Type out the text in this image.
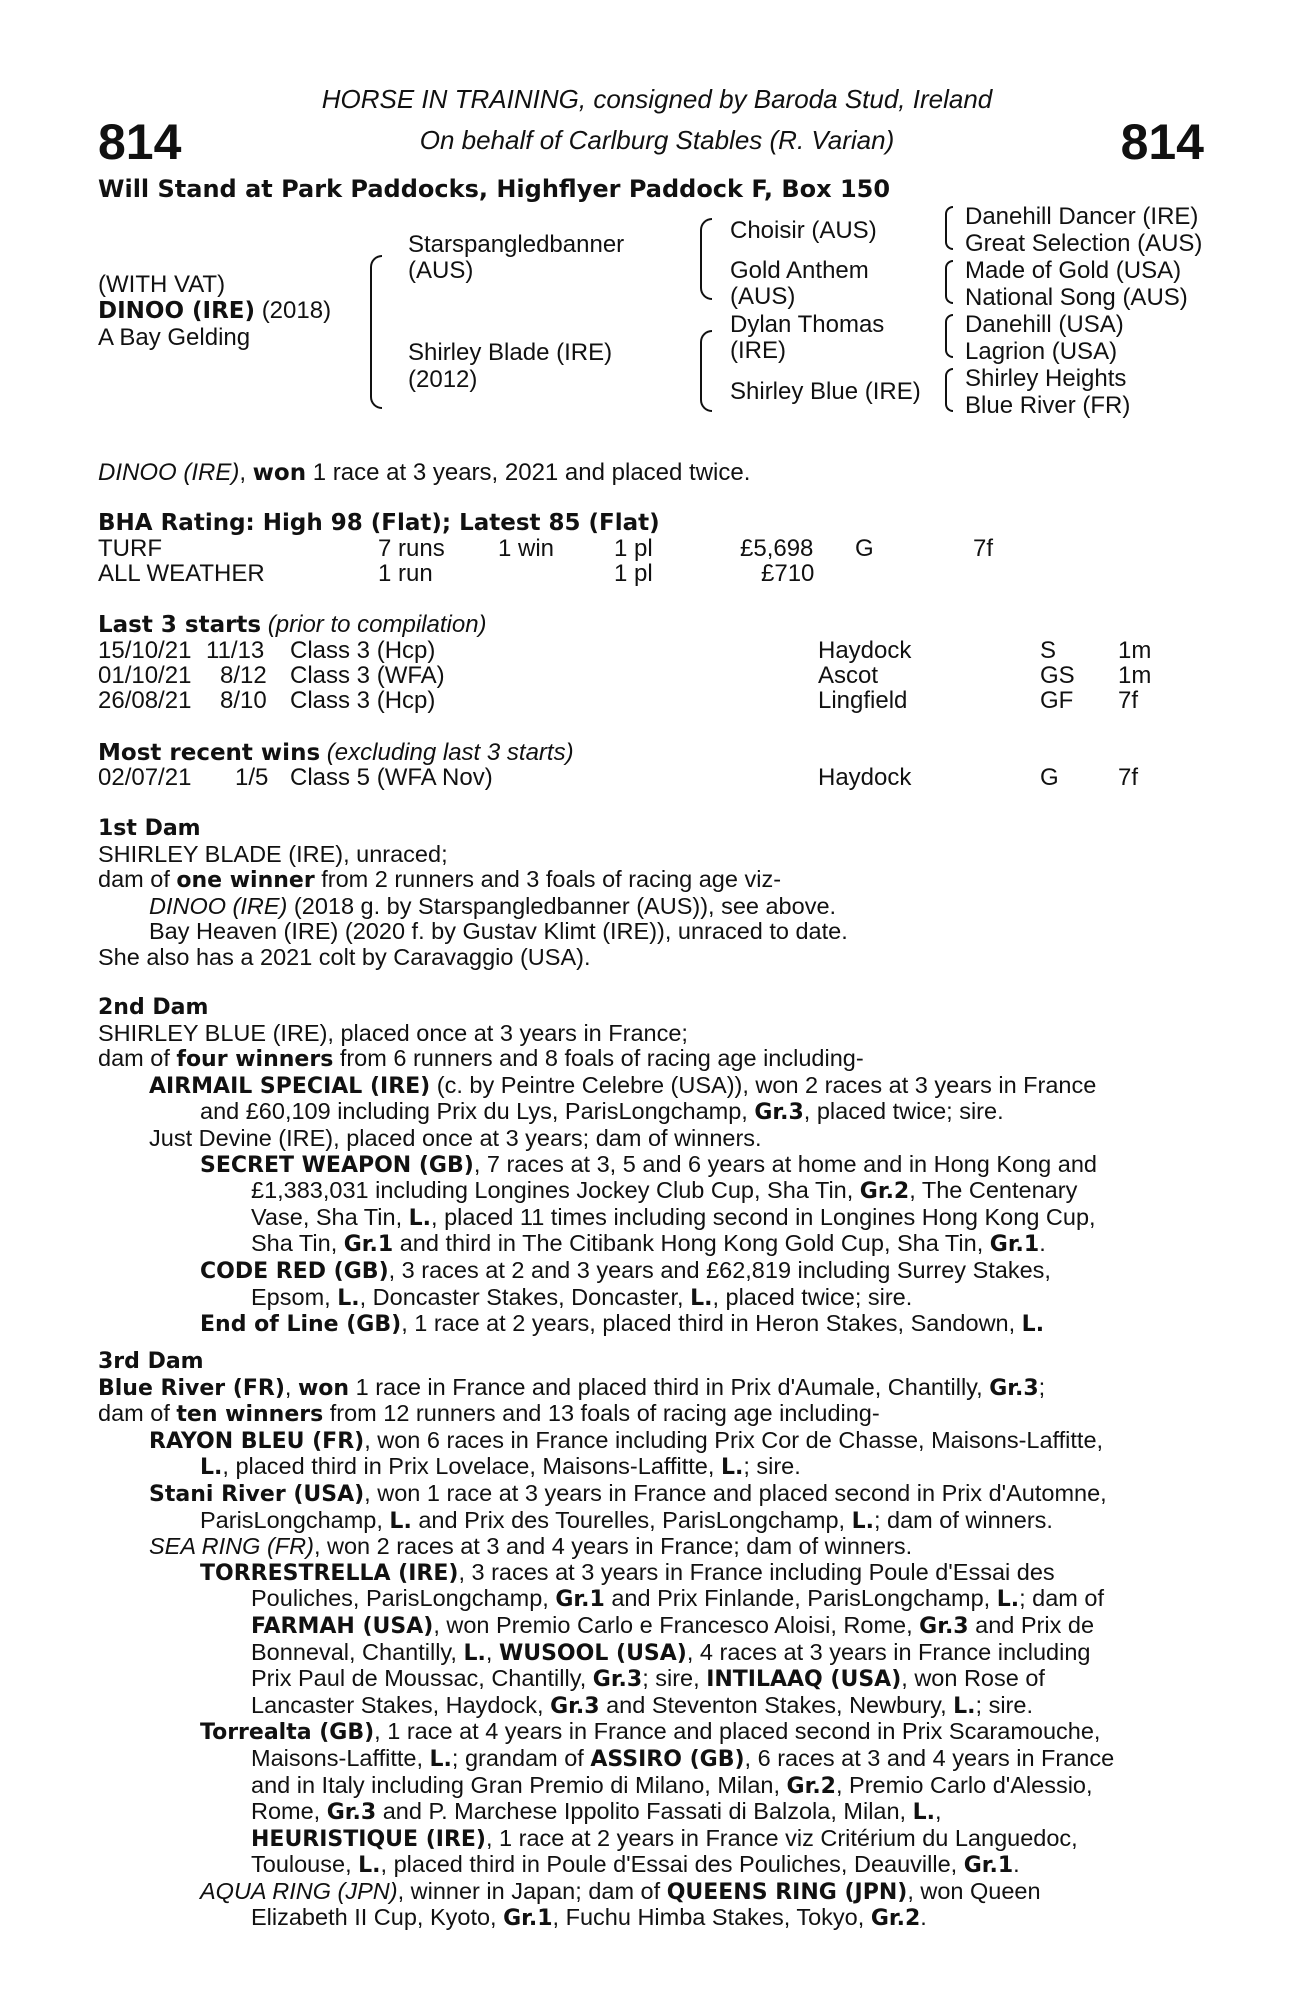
814	814
HORSE IN TRAINING, consigned by Baroda Stud, Ireland
On behalf of Carlburg Stables (R. Varian)
Will Stand at Park Paddocks, Highflyer Paddock F, Box 150
(WITH VAT)
DINOO (IRE) (2018)
A Bay Gelding
Starspangledbanner
(AUS)
Shirley Blade (IRE)
(2012)
Choisir (AUS)
Gold Anthem
(AUS)
Dylan Thomas
(IRE)
Shirley Blue (IRE)
Danehill Dancer (IRE)
Great Selection (AUS)
Made of Gold (USA)
National Song (AUS)
Danehill (USA)
Lagrion (USA)
Shirley Heights
Blue River (FR)
DINOO (IRE), won 1 race at 3 years, 2021 and placed twice.
BHA Rating: High 98 (Flat); Latest 85 (Flat)
TURF	7 runs 1 win 1 pl	£5,698 G	7f
ALL WEATHER	1 run	1 pl	£710
Last 3 starts (prior to compilation)
15/10/21 11/13 Class 3 (Hcp)	Haydock	S	1m
01/10/21 8/12 Class 3 (WFA)	Ascot	GS 1m
26/08/21 8/10 Class 3 (Hcp)	Lingfield	GF 7f
Most recent wins (excluding last 3 starts)
02/07/21 1/5 Class 5 (WFA Nov)	Haydock	G 7f
1st Dam
SHIRLEY BLADE (IRE), unraced;
dam of one winner from 2 runners and 3 foals of racing age viz-
DINOO (IRE) (2018 g. by Starspangledbanner (AUS)), see above.
Bay Heaven (IRE) (2020 f. by Gustav Klimt (IRE)), unraced to date.
She also has a 2021 colt by Caravaggio (USA).
2nd Dam
SHIRLEY BLUE (IRE), placed once at 3 years in France;
dam of four winners from 6 runners and 8 foals of racing age including-
AIRMAIL SPECIAL (IRE) (c. by Peintre Celebre (USA)), won 2 races at 3 years in France
and £60,109 including Prix du Lys, ParisLongchamp, Gr.3, placed twice; sire.
Just Devine (IRE), placed once at 3 years; dam of winners.
SECRET WEAPON (GB), 7 races at 3, 5 and 6 years at home and in Hong Kong and
£1,383,031 including Longines Jockey Club Cup, Sha Tin, Gr.2, The Centenary
Vase, Sha Tin, L., placed 11 times including second in Longines Hong Kong Cup,
Sha Tin, Gr.1 and third in The Citibank Hong Kong Gold Cup, Sha Tin, Gr.1.
CODE RED (GB), 3 races at 2 and 3 years and £62,819 including Surrey Stakes,
Epsom, L., Doncaster Stakes, Doncaster, L., placed twice; sire.
End of Line (GB), 1 race at 2 years, placed third in Heron Stakes, Sandown, L.
3rd Dam
Blue River (FR), won 1 race in France and placed third in Prix d'Aumale, Chantilly, Gr.3;
dam of ten winners from 12 runners and 13 foals of racing age including-
RAYON BLEU (FR), won 6 races in France including Prix Cor de Chasse, Maisons-Laffitte,
L., placed third in Prix Lovelace, Maisons-Laffitte, L.; sire.
Stani River (USA), won 1 race at 3 years in France and placed second in Prix d'Automne,
ParisLongchamp, L. and Prix des Tourelles, ParisLongchamp, L.; dam of winners.
SEA RING (FR), won 2 races at 3 and 4 years in France; dam of winners.
TORRESTRELLA (IRE), 3 races at 3 years in France including Poule d'Essai des
Pouliches, ParisLongchamp, Gr.1 and Prix Finlande, ParisLongchamp, L.; dam of
FARMAH (USA), won Premio Carlo e Francesco Aloisi, Rome, Gr.3 and Prix de
Bonneval, Chantilly, L., WUSOOL (USA), 4 races at 3 years in France including
Prix Paul de Moussac, Chantilly, Gr.3; sire, INTILAAQ (USA), won Rose of
Lancaster Stakes, Haydock, Gr.3 and Steventon Stakes, Newbury, L.; sire.
Torrealta (GB), 1 race at 4 years in France and placed second in Prix Scaramouche,
Maisons-Laffitte, L.; grandam of ASSIRO (GB), 6 races at 3 and 4 years in France
and in Italy including Gran Premio di Milano, Milan, Gr.2, Premio Carlo d'Alessio,
Rome, Gr.3 and P. Marchese Ippolito Fassati di Balzola, Milan, L.,
HEURISTIQUE (IRE), 1 race at 2 years in France viz Critérium du Languedoc,
Toulouse, L., placed third in Poule d'Essai des Pouliches, Deauville, Gr.1.
AQUA RING (JPN), winner in Japan; dam of QUEENS RING (JPN), won Queen
Elizabeth II Cup, Kyoto, Gr.1, Fuchu Himba Stakes, Tokyo, Gr.2.
